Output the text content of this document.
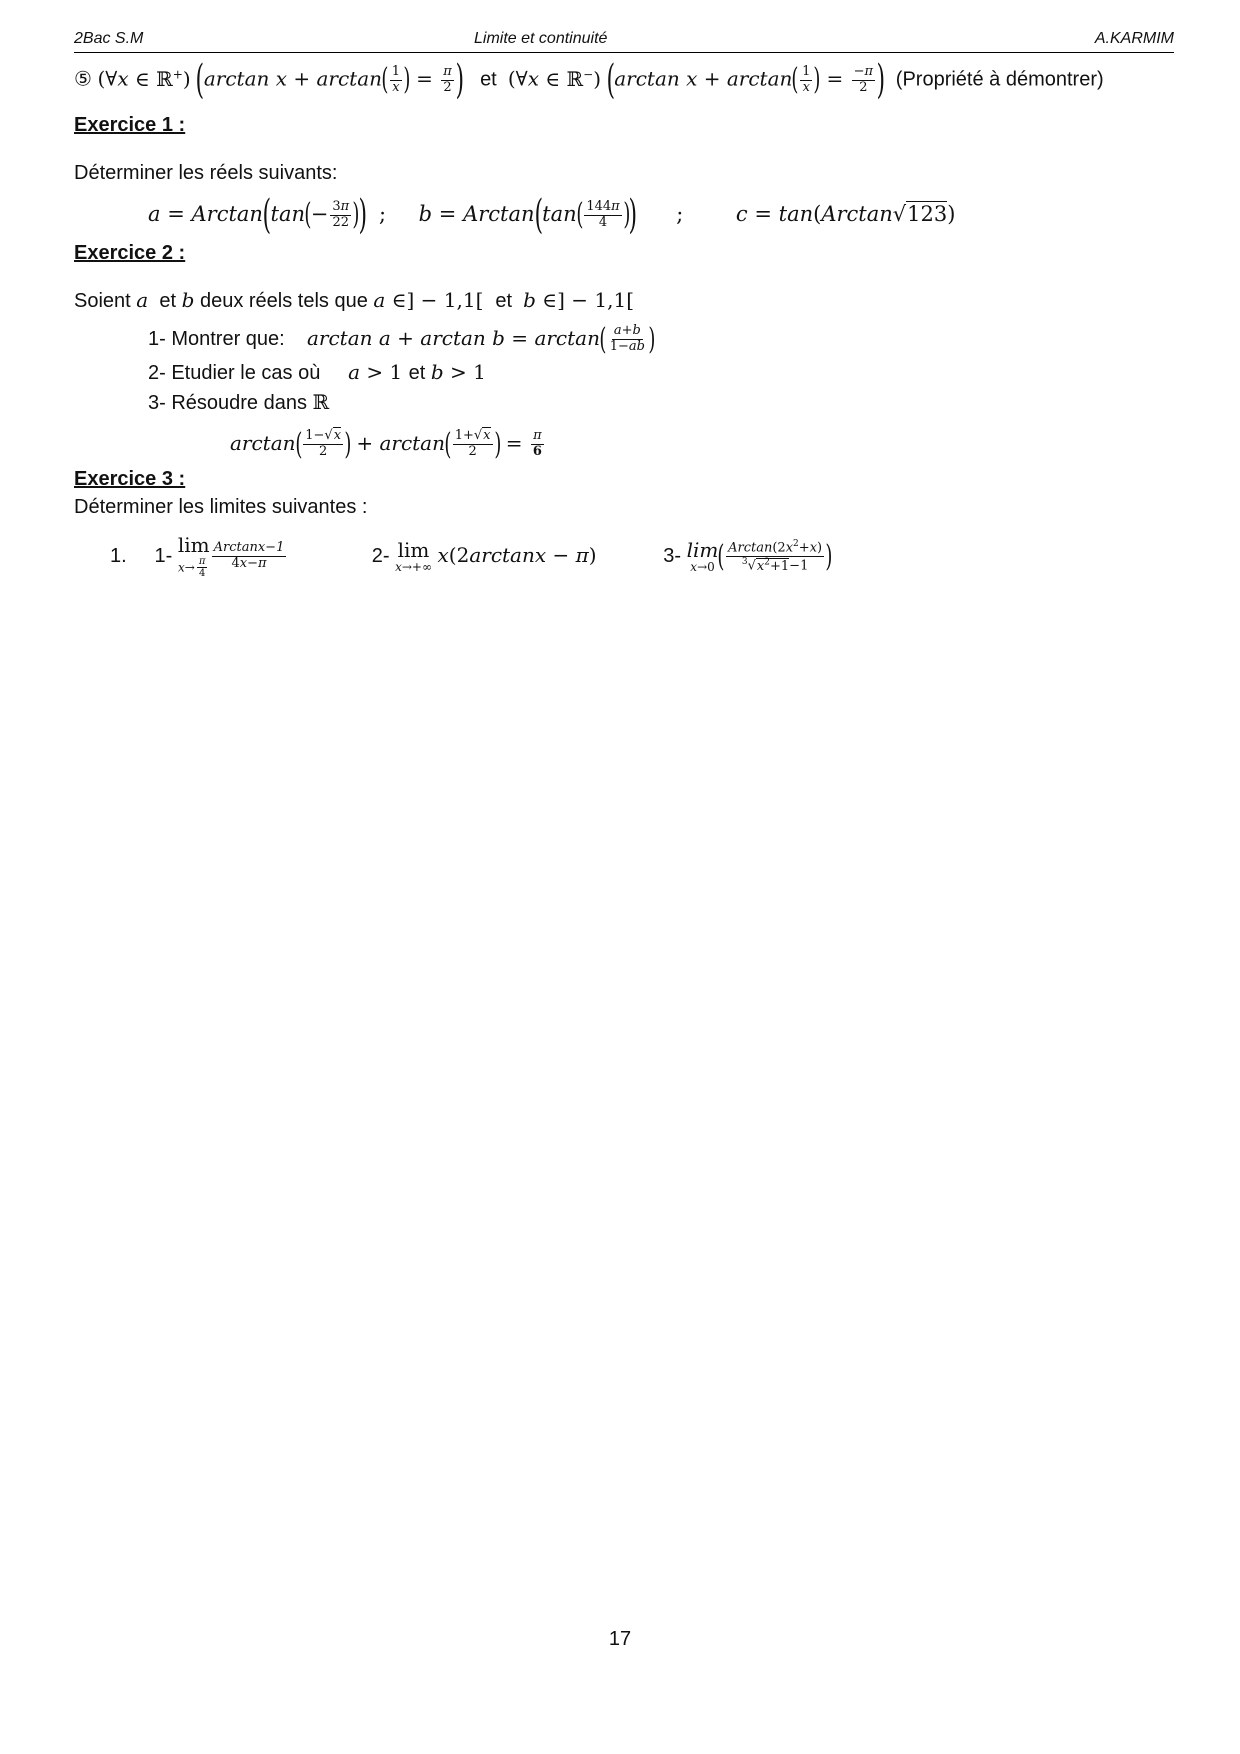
2Bac S.M	Limite et continuité	A.KARMIM
⑤ (∀x ∈ ℝ+) (arctan $x + \arctan( \frac{1}{x}$ ) = $\frac{\pi}{2}$ ) et (∀x ∈ ℝ−) (arctan $x + \arctan( \frac{1}{x}$ ) = $\frac{-\pi}{2}$ ) (Propriété à démontrer)
Exercice 1 :
Déterminer les réels suivants:
$a = Arctan(\tan(- \frac{3\pi}{22}$ ))  ;     $b = Arctan(\tan( \frac{144\pi}{4}$ ))      ;        c = tan(Arctan√123)
Exercice 2 :
Soient a et b deux réels tels que a ∈] − 1,1[  et b ∈] − 1,1[
1- Montrer que: $\arctan a + \arctan b = \arctan( \frac{a+b}{1-ab}$ )
2- Etudier le cas où a > 1 et b > 1
3- Résoudre dans ℝ
$\arctan( \frac{1-√x}{2}$ ) + $\arctan( \frac{1+√x}{2}$ ) = $\frac{\pi}{6}$
Exercice 3 :
Déterminer les limites suivantes :
1. 1- lim
$x\to \frac{\pi}{4} \frac{\text{Arctanx−1}}{4x-\pi}$	2- lim
x→+∞
x(2arctanx − π)	3- lim
x→0 ( $\frac{Arctan(2x^2+x)}{^3√x^2+1-1}$ )
17
